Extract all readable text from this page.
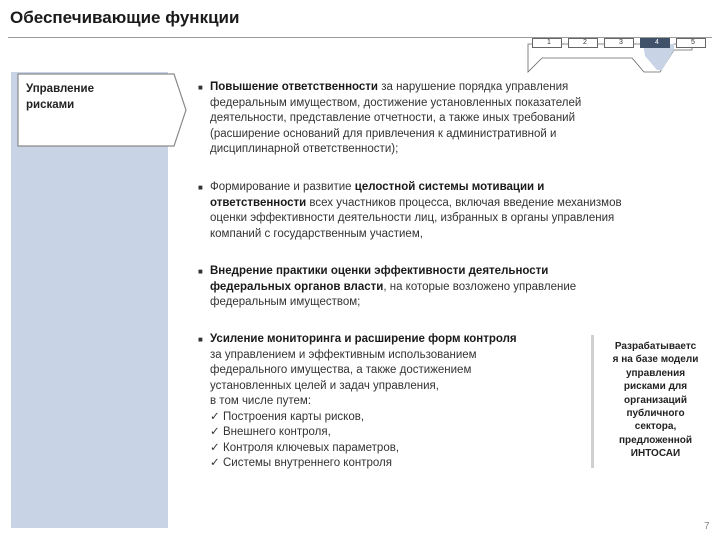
Обеспечивающие функции
1	2	3	4	5
Управление
рисками
■ Повышение ответственности за нарушение порядка управления
федеральным имуществом, достижение установленных показателей
деятельности, представление отчетности, а также иных требований
(расширение оснований для привлечения к административной и
дисциплинарной ответственности);
■ Формирование и развитие целостной системы мотивации и
ответственности всех участников процесса, включая введение механизмов
оценки эффективности деятельности лиц, избранных в органы управления
компаний с государственным участием,
■ Внедрение практики оценки эффективности деятельности
федеральных органов власти, на которые возложено управление
федеральным имуществом;
■ Усиление мониторинга и расширение форм контроля
за управлением и эффективным использованием
федерального имущества, а также достижением
установленных целей и задач управления,
в том числе путем:
✓ Построения карты рисков,
✓ Внешнего контроля,
✓ Контроля ключевых параметров,
✓ Системы внутреннего контроля
Разрабатываетс
я на базе модели
управления
рисками для
организаций
публичного
сектора,
предложенной
ИНТОСАИ
7
